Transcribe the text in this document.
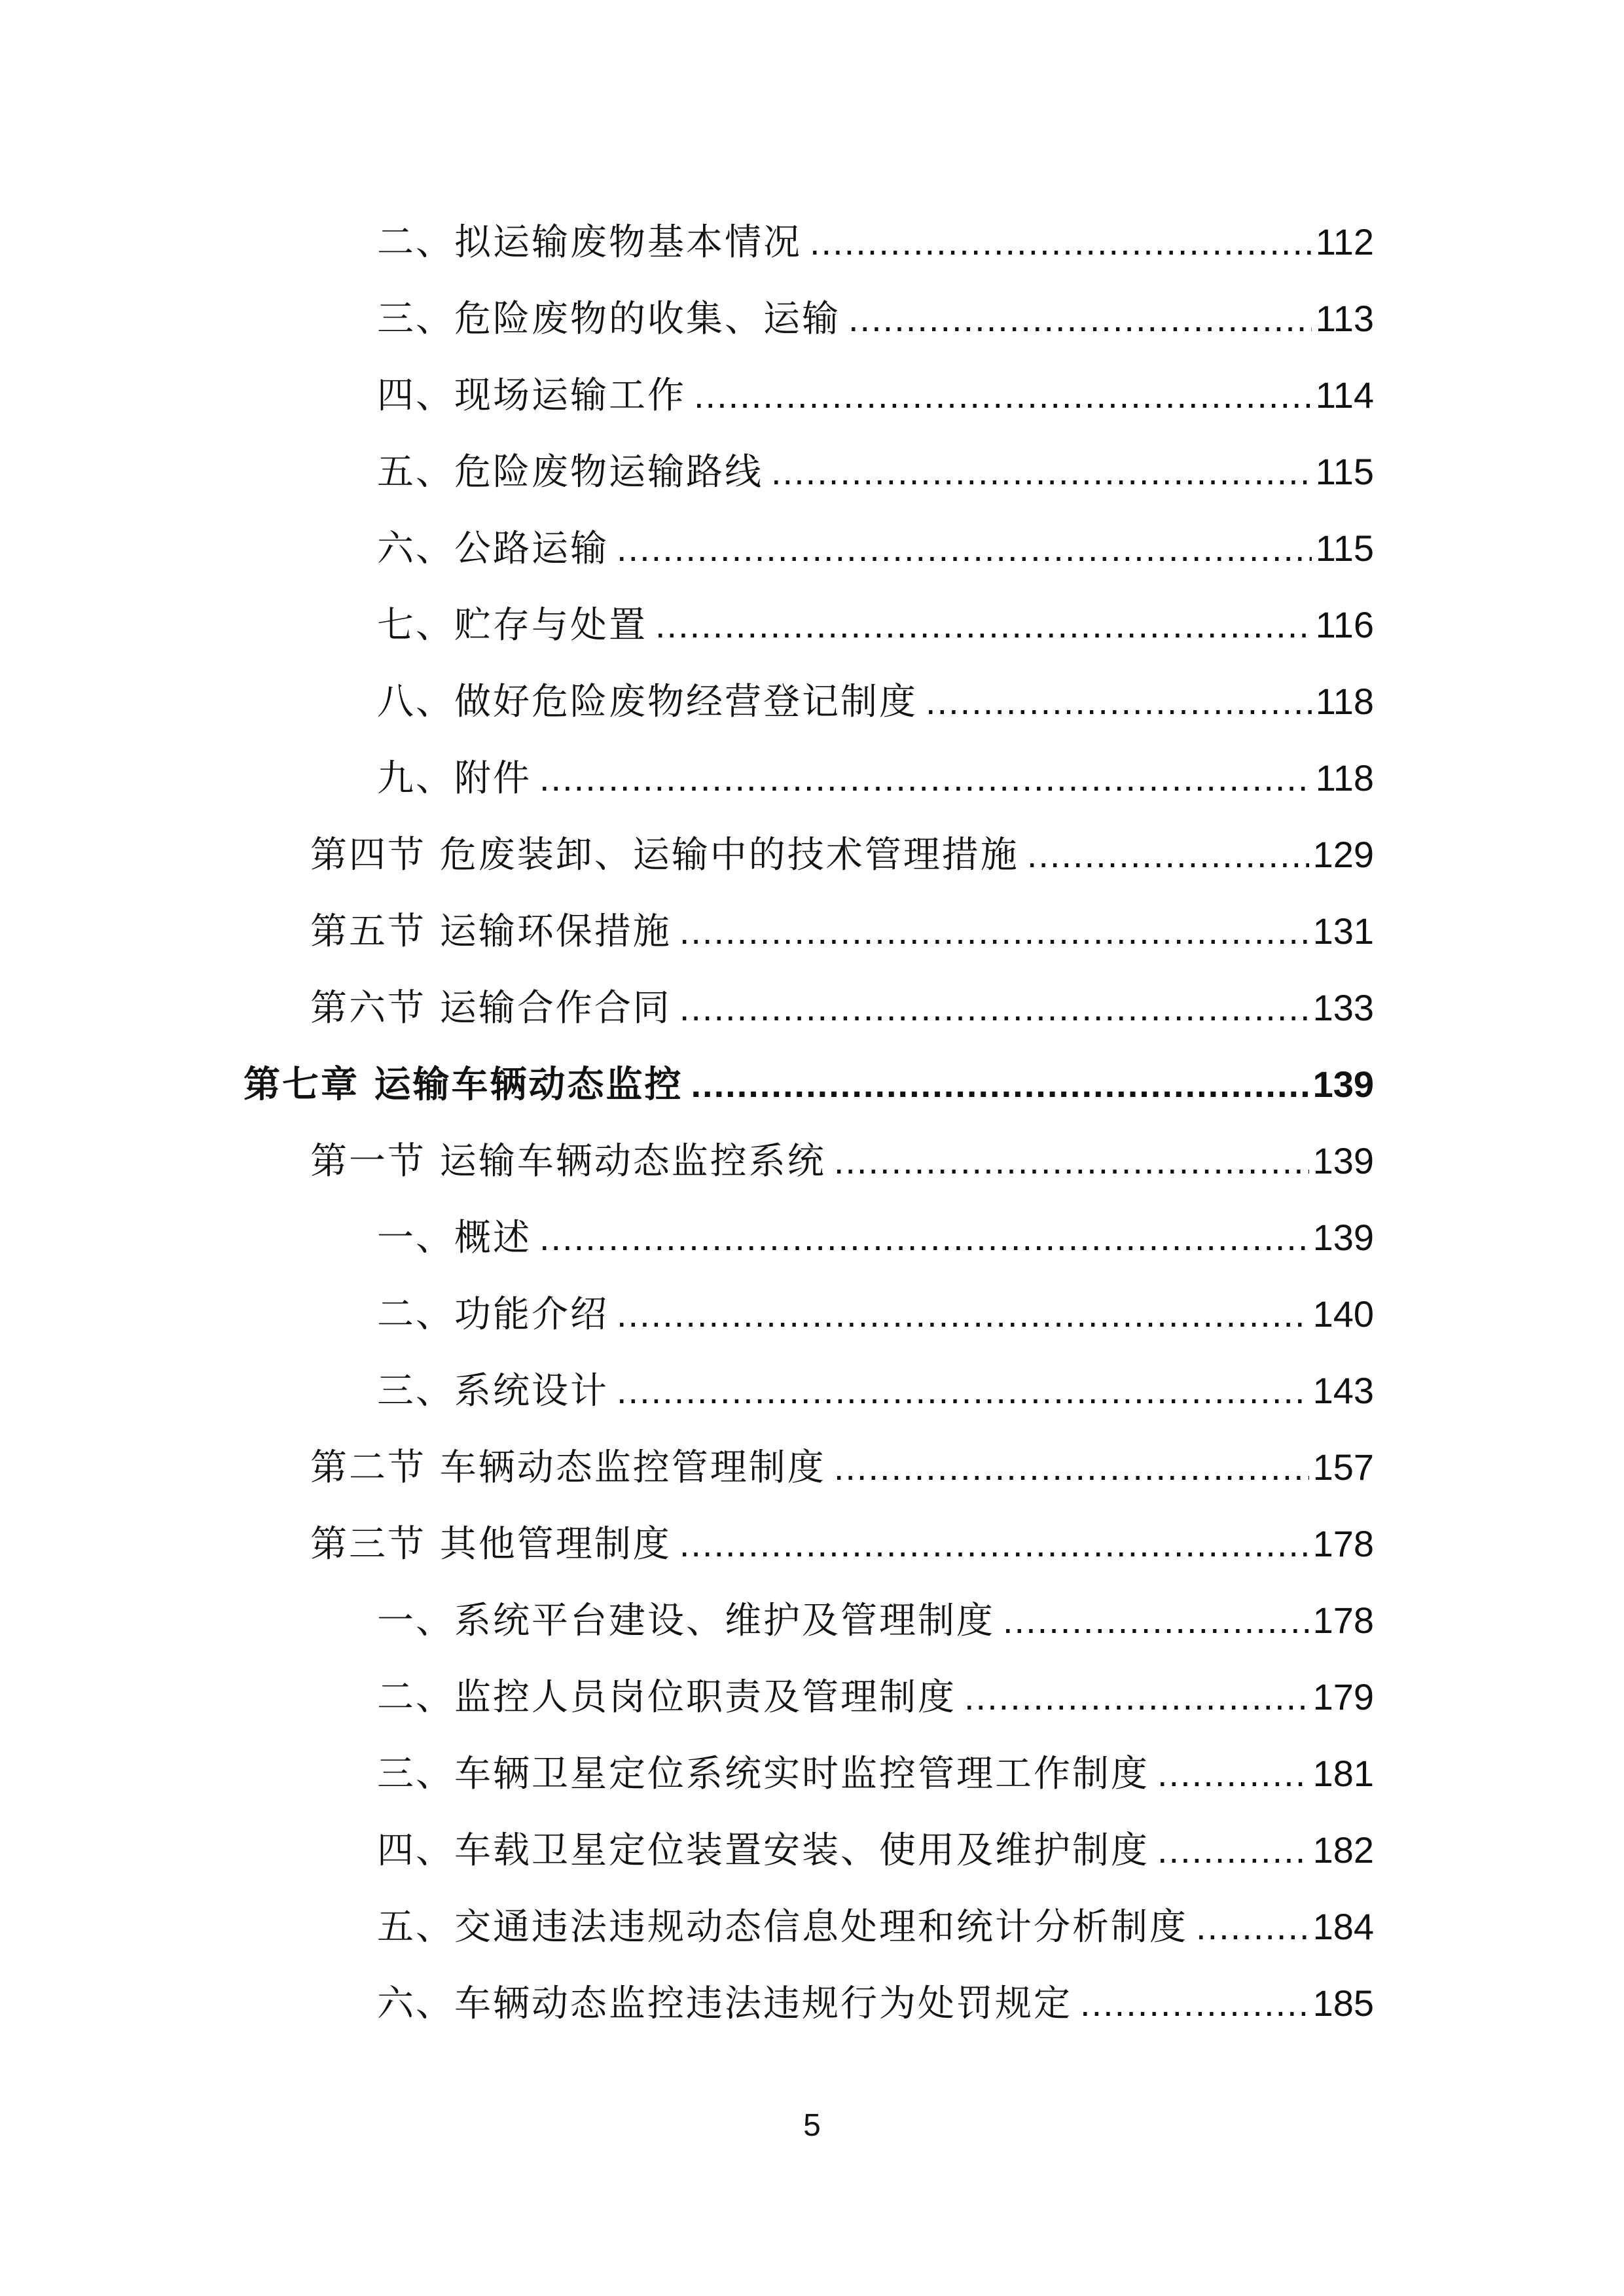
二、拟运输废物基本情况 .....	112
三、危险废物的收集、运输 .....	113
四、现场运输工作 .....	114
五、危险废物运输路线 .....	115
六、公路运输 .....	115
七、贮存与处置 .....	116
八、做好危险废物经营登记制度 .....	118
九、附件 .....	118
第四节 危废装卸、运输中的技术管理措施 .....	129
第五节 运输环保措施 .....	131
第六节 运输合作合同 .....	133
第七章 运输车辆动态监控 .....	139
第一节 运输车辆动态监控系统 .....	139
一、概述 .....	139
二、功能介绍 .....	140
三、系统设计 .....	143
第二节 车辆动态监控管理制度 .....	157
第三节 其他管理制度 .....	178
一、系统平台建设、维护及管理制度 .....	178
二、监控人员岗位职责及管理制度 .....	179
三、车辆卫星定位系统实时监控管理工作制度 .....	181
四、车载卫星定位装置安装、使用及维护制度 .....	182
五、交通违法违规动态信息处理和统计分析制度 .....	184
六、车辆动态监控违法违规行为处罚规定 .....	185
5
